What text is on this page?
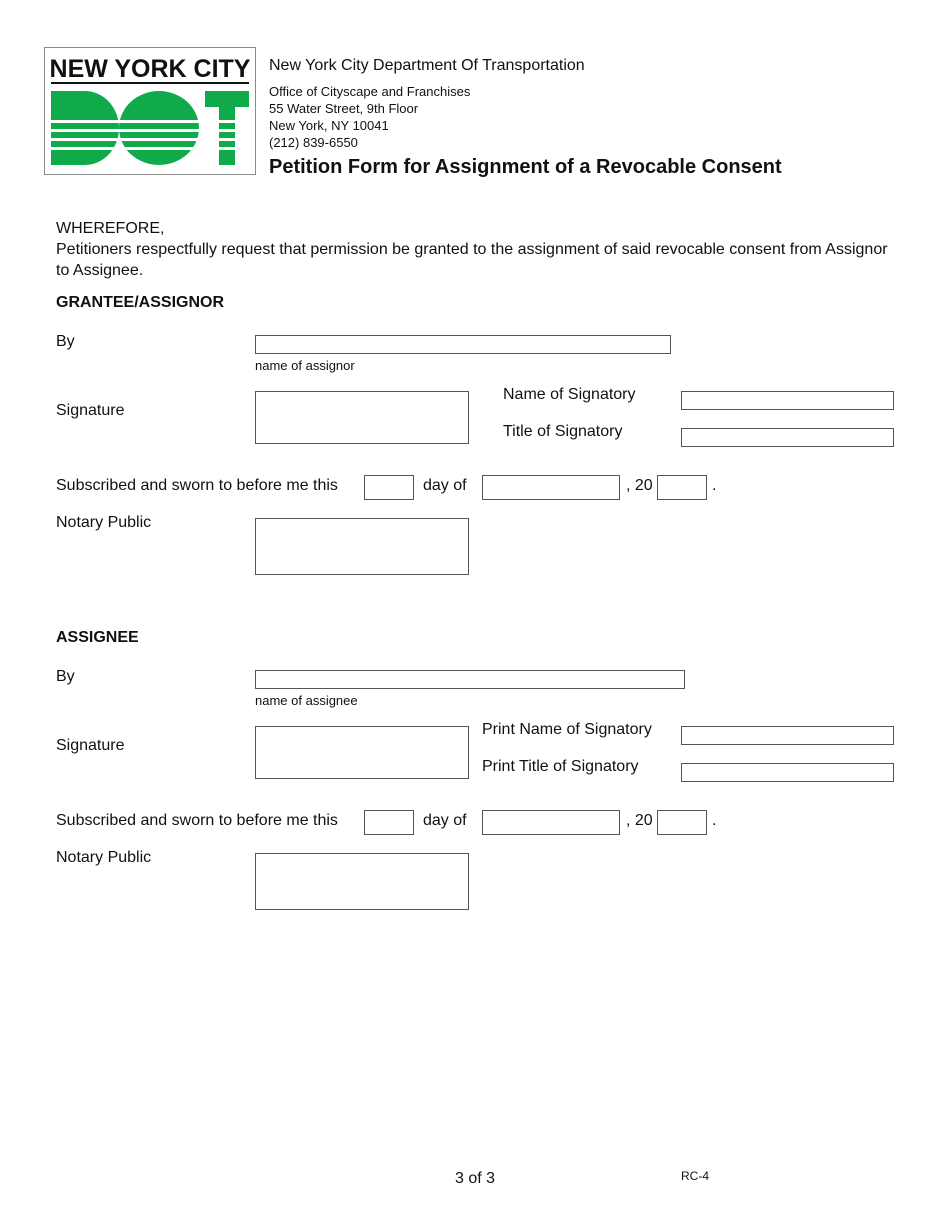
NEW YORK CITY New York City Department Of Transportation
Office of Cityscape and Franchises
55 Water Street, 9th Floor
New York, NY 10041
(212) 839-6550
Petition Form for Assignment of a Revocable Consent
WHEREFORE,
Petitioners respectfully request that permission be granted to the assignment of said revocable consent from Assignor to Assignee.
GRANTEE/ASSIGNOR
By
name of assignor
Signature
Name of Signatory
Title of Signatory
Subscribed and sworn to before me this	day of	, 20	.
Notary Public
ASSIGNEE
By
name of assignee
Signature
Print Name of Signatory
Print Title of Signatory
Subscribed and sworn to before me this	day of	, 20	.
Notary Public
3 of 3	RC-4
